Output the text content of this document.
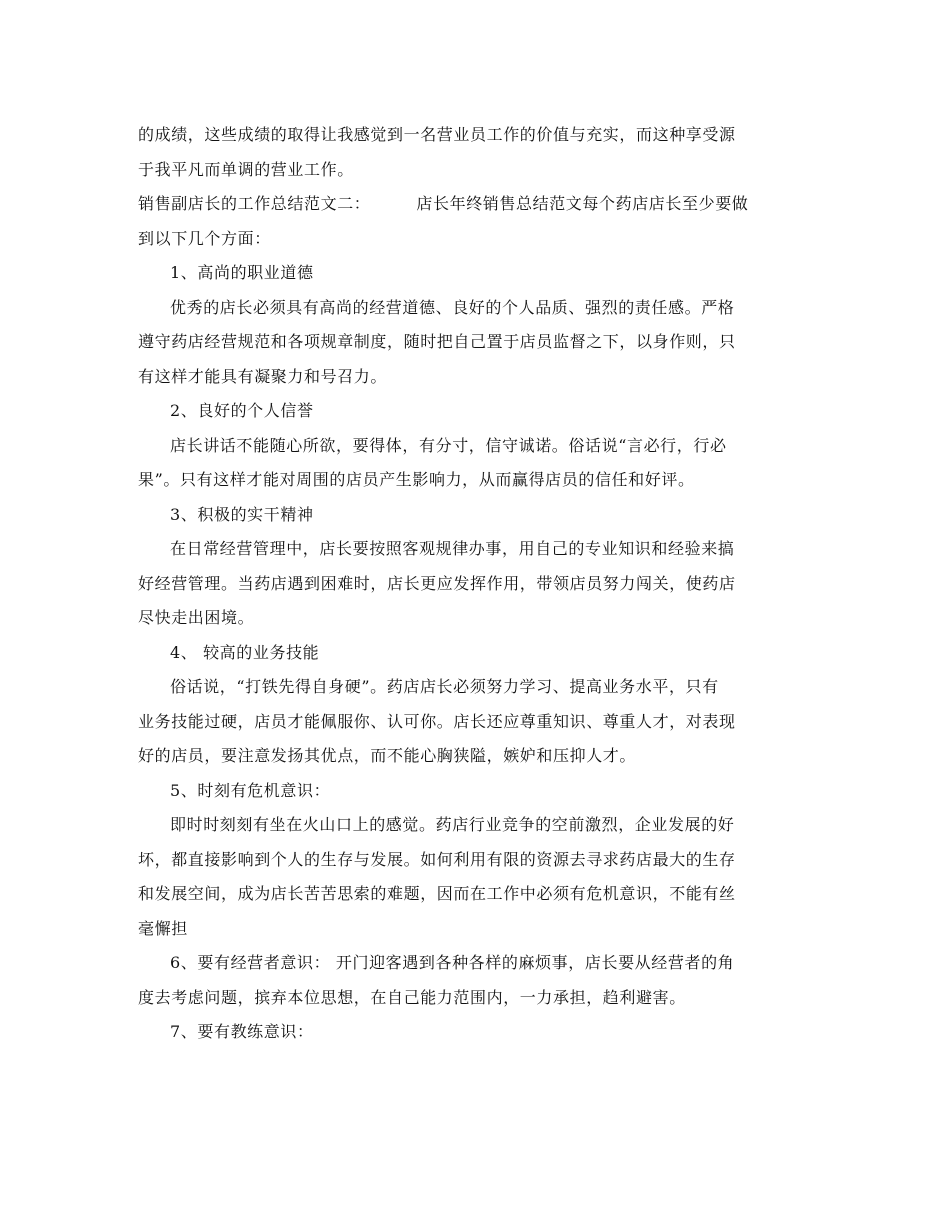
的成绩，这些成绩的取得让我感觉到一名营业员工作的价值与充实，而这种享受源
于我平凡而单调的营业工作。
销售副店长的工作总结范文二：	店长年终销售总结范文每个药店店长至少要做
到以下几个方面：
1、高尚的职业道德
优秀的店长必须具有高尚的经营道德、良好的个人品质、强烈的责任感。严格
遵守药店经营规范和各项规章制度，随时把自己置于店员监督之下，以身作则，只
有这样才能具有凝聚力和号召力。
2、良好的个人信誉
店长讲话不能随心所欲，要得体，有分寸，信守诚诺。俗话说“言必行，行必
果”。只有这样才能对周围的店员产生影响力，从而赢得店员的信任和好评。
3、积极的实干精神
在日常经营管理中，店长要按照客观规律办事，用自己的专业知识和经验来搞
好经营管理。当药店遇到困难时，店长更应发挥作用，带领店员努力闯关，使药店
尽快走出困境。
4、 较高的业务技能
俗话说，“打铁先得自身硬”。药店店长必须努力学习、提高业务水平，只有
业务技能过硬，店员才能佩服你、认可你。店长还应尊重知识、尊重人才，对表现
好的店员，要注意发扬其优点，而不能心胸狭隘，嫉妒和压抑人才。
5、时刻有危机意识：
即时时刻刻有坐在火山口上的感觉。药店行业竞争的空前激烈，企业发展的好
坏，都直接影响到个人的生存与发展。如何利用有限的资源去寻求药店最大的生存
和发展空间，成为店长苦苦思索的难题，因而在工作中必须有危机意识，不能有丝
毫懈担
6、要有经营者意识： 开门迎客遇到各种各样的麻烦事，店长要从经营者的角
度去考虑问题，摈弃本位思想，在自己能力范围内，一力承担，趋利避害。
7、要有教练意识：
